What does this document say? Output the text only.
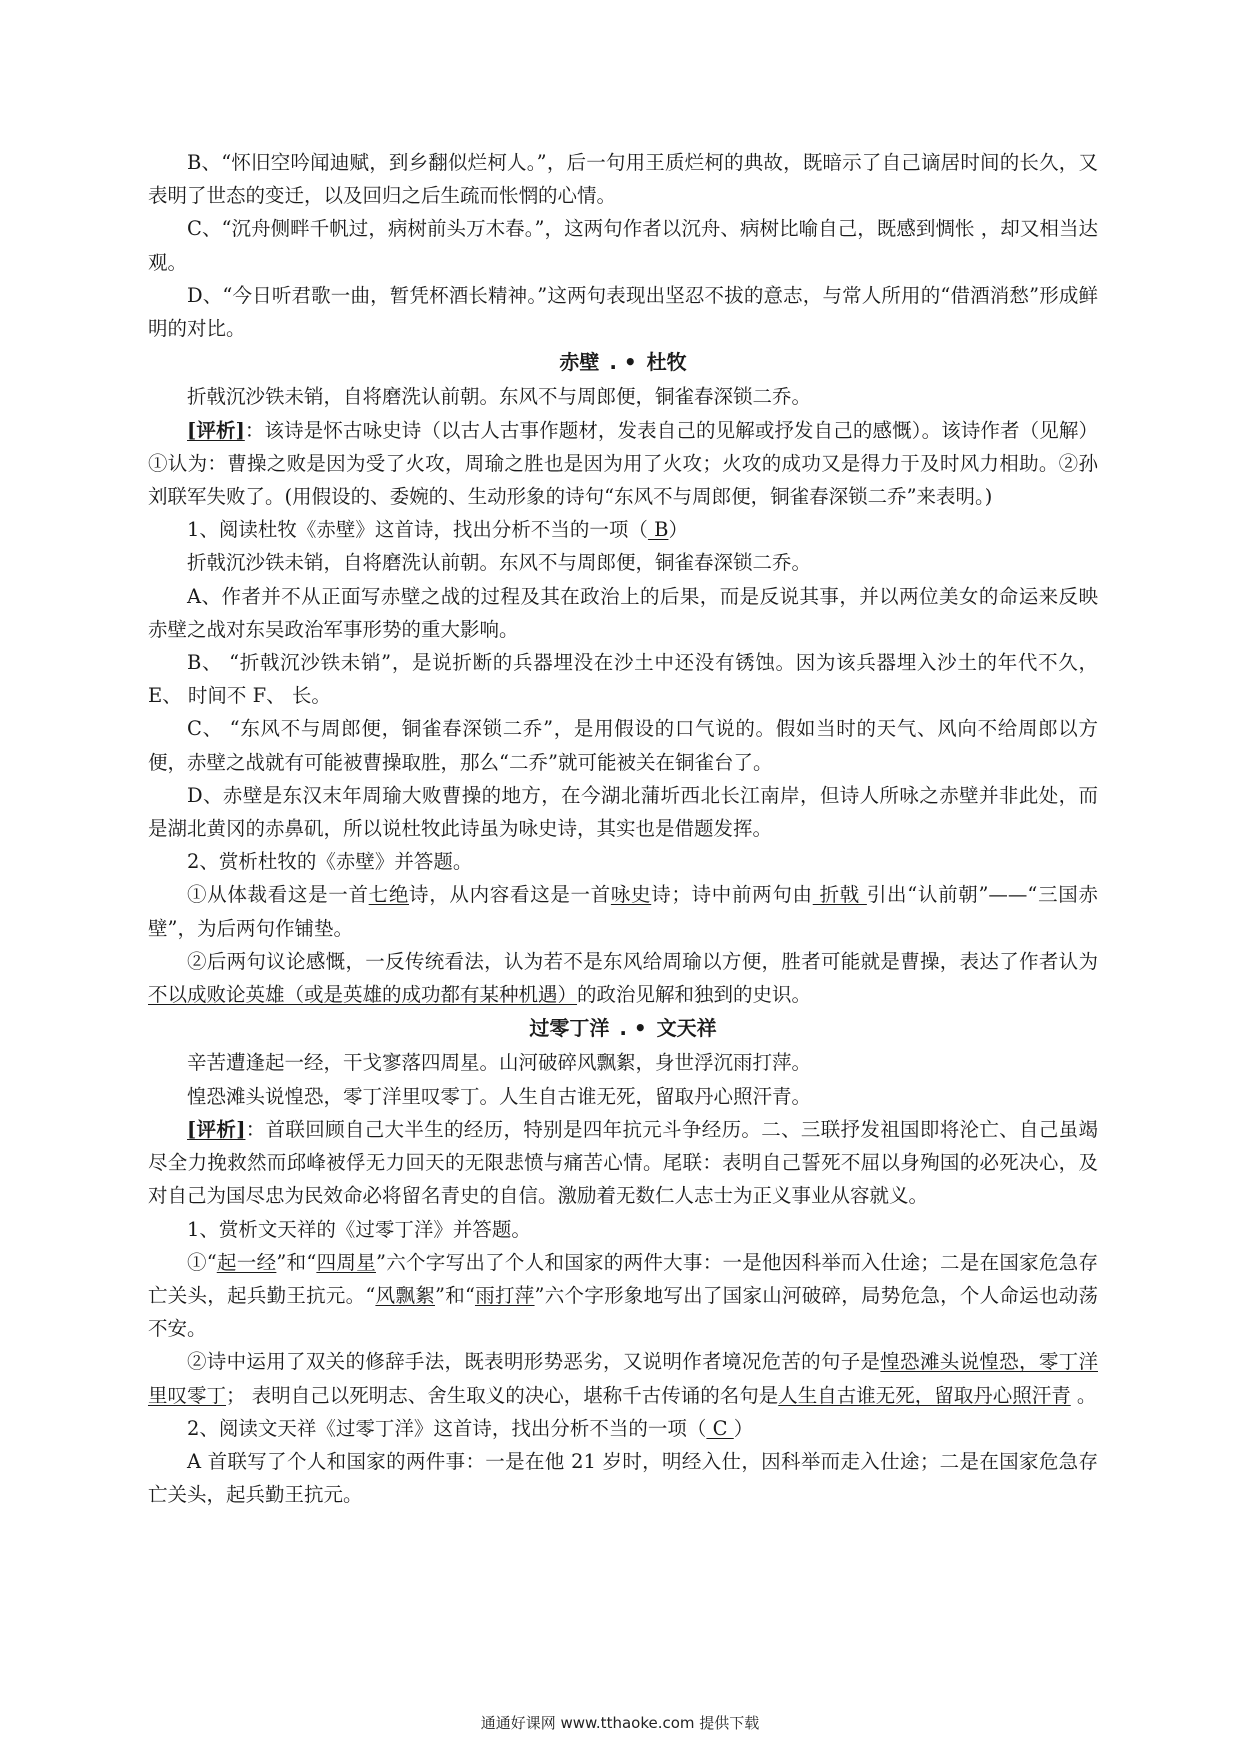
B、“怀旧空吟闻迪赋，到乡翻似烂柯人。”，后一句用王质烂柯的典故，既暗示了自己谪居时间的长久，又表明了世态的变迁，以及回归之后生疏而怅惘的心情。

C、“沉舟侧畔千帆过，病树前头万木春。”，这两句作者以沉舟、病树比喻自己，既感到惆怅 ，却又相当达观。

D、“今日听君歌一曲，暂凭杯酒长精神。”这两句表现出坚忍不拔的意志，与常人所用的“借酒消愁”形成鲜明的对比。

赤壁 . • 杜牧

折戟沉沙铁未销，自将磨洗认前朝。东风不与周郎便，铜雀春深锁二乔。

[评析]：该诗是怀古咏史诗（以古人古事作题材，发表自己的见解或抒发自己的感慨）。该诗作者（见解）①认为：曹操之败是因为受了火攻，周瑜之胜也是因为用了火攻；火攻的成功又是得力于及时风力相助。②孙刘联军失败了。(用假设的、委婉的、生动形象的诗句“东风不与周郎便，铜雀春深锁二乔”来表明。)

1、阅读杜牧《赤壁》这首诗，找出分析不当的一项（ B）

折戟沉沙铁未销，自将磨洗认前朝。东风不与周郎便，铜雀春深锁二乔。

A、作者并不从正面写赤壁之战的过程及其在政治上的后果，而是反说其事，并以两位美女的命运来反映赤壁之战对东吴政治军事形势的重大影响。

B、 “折戟沉沙铁未销”，是说折断的兵器埋没在沙土中还没有锈蚀。因为该兵器埋入沙土的年代不久，E、 时间不 F、 长。

C、 “东风不与周郎便，铜雀春深锁二乔”，是用假设的口气说的。假如当时的天气、风向不给周郎以方便，赤壁之战就有可能被曹操取胜，那么“二乔”就可能被关在铜雀台了。

D、赤壁是东汉末年周瑜大败曹操的地方，在今湖北蒲圻西北长江南岸，但诗人所咏之赤壁并非此处，而是湖北黄冈的赤鼻矶，所以说杜牧此诗虽为咏史诗，其实也是借题发挥。

2、赏析杜牧的《赤壁》并答题。

①从体裁看这是一首七绝诗，从内容看这是一首咏史诗；诗中前两句由 折戟 引出“认前朝”——“三国赤壁”，为后两句作铺垫。

②后两句议论感慨，一反传统看法，认为若不是东风给周瑜以方便，胜者可能就是曹操，表达了作者认为不以成败论英雄（或是英雄的成功都有某种机遇）的政治见解和独到的史识。

过零丁洋 . • 文天祥

辛苦遭逢起一经，干戈寥落四周星。山河破碎风飘絮，身世浮沉雨打萍。

惶恐滩头说惶恐，零丁洋里叹零丁。人生自古谁无死，留取丹心照汗青。

[评析]：首联回顾自己大半生的经历，特别是四年抗元斗争经历。二、三联抒发祖国即将沦亡、自己虽竭尽全力挽救然而邱峰被俘无力回天的无限悲愤与痛苦心情。尾联：表明自己誓死不屈以身殉国的必死决心，及对自己为国尽忠为民效命必将留名青史的自信。激励着无数仁人志士为正义事业从容就义。

1、赏析文天祥的《过零丁洋》并答题。

①“起一经”和“四周星”六个字写出了个人和国家的两件大事：一是他因科举而入仕途；二是在国家危急存亡关头，起兵勤王抗元。“风飘絮”和“雨打萍”六个字形象地写出了国家山河破碎，局势危急，个人命运也动荡不安。

②诗中运用了双关的修辞手法，既表明形势恶劣，又说明作者境况危苦的句子是惶恐滩头说惶恐，零丁洋里叹零丁； 表明自己以死明志、舍生取义的决心，堪称千古传诵的名句是人生自古谁无死，留取丹心照汗青 。

2、阅读文天祥《过零丁洋》这首诗，找出分析不当的一项（ C ）

A 首联写了个人和国家的两件事：一是在他 21 岁时，明经入仕，因科举而走入仕途；二是在国家危急存亡关头，起兵勤王抗元。

通通好课网 www.tthaoke.com 提供下载
